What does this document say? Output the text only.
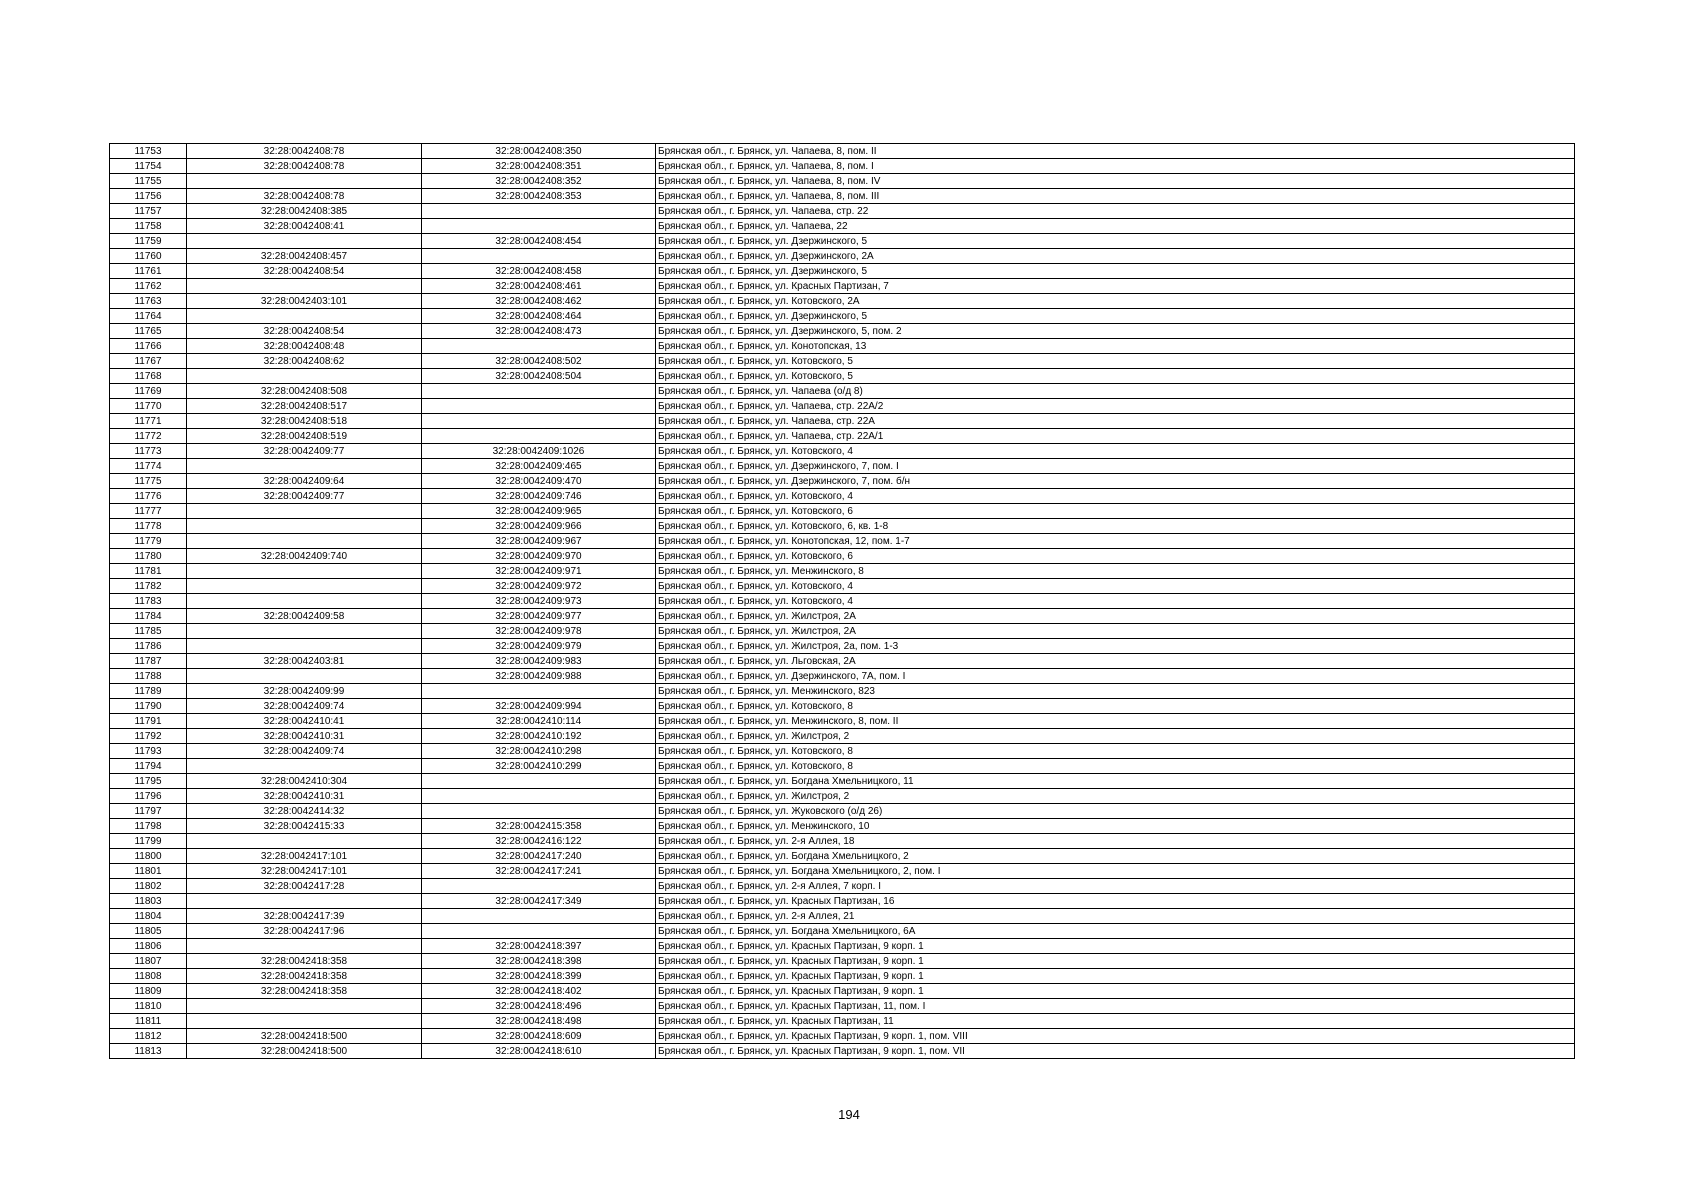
11753	32:28:0042408:78	32:28:0042408:350	Брянская обл., г. Брянск, ул. Чапаева, 8, пом. II
11754	32:28:0042408:78	32:28:0042408:351	Брянская обл., г. Брянск, ул. Чапаева, 8, пом. I
11755		32:28:0042408:352	Брянская обл., г. Брянск, ул. Чапаева, 8, пом. IV
11756	32:28:0042408:78	32:28:0042408:353	Брянская обл., г. Брянск, ул. Чапаева, 8, пом. III
11757	32:28:0042408:385		Брянская обл., г. Брянск, ул. Чапаева, стр. 22
11758	32:28:0042408:41		Брянская обл., г. Брянск, ул. Чапаева, 22
11759		32:28:0042408:454	Брянская обл., г. Брянск, ул. Дзержинского, 5
11760	32:28:0042408:457		Брянская обл., г. Брянск, ул. Дзержинского, 2А
11761	32:28:0042408:54	32:28:0042408:458	Брянская обл., г. Брянск, ул. Дзержинского, 5
11762		32:28:0042408:461	Брянская обл., г. Брянск, ул. Красных Партизан, 7
11763	32:28:0042403:101	32:28:0042408:462	Брянская обл., г. Брянск, ул. Котовского, 2А
11764		32:28:0042408:464	Брянская обл., г. Брянск, ул. Дзержинского, 5
11765	32:28:0042408:54	32:28:0042408:473	Брянская обл., г. Брянск, ул. Дзержинского, 5, пом. 2
11766	32:28:0042408:48		Брянская обл., г. Брянск, ул. Конотопская, 13
11767	32:28:0042408:62	32:28:0042408:502	Брянская обл., г. Брянск, ул. Котовского, 5
11768		32:28:0042408:504	Брянская обл., г. Брянск, ул. Котовского, 5
11769	32:28:0042408:508		Брянская обл., г. Брянск, ул. Чапаева (о/д 8)
11770	32:28:0042408:517		Брянская обл., г. Брянск, ул. Чапаева, стр. 22А/2
11771	32:28:0042408:518		Брянская обл., г. Брянск, ул. Чапаева, стр. 22А
11772	32:28:0042408:519		Брянская обл., г. Брянск, ул. Чапаева, стр. 22А/1
11773	32:28:0042409:77	32:28:0042409:1026	Брянская обл., г. Брянск, ул. Котовского, 4
11774		32:28:0042409:465	Брянская обл., г. Брянск, ул. Дзержинского, 7, пом. I
11775	32:28:0042409:64	32:28:0042409:470	Брянская обл., г. Брянск, ул. Дзержинского, 7, пом. б/н
11776	32:28:0042409:77	32:28:0042409:746	Брянская обл., г. Брянск, ул. Котовского, 4
11777		32:28:0042409:965	Брянская обл., г. Брянск, ул. Котовского, 6
11778		32:28:0042409:966	Брянская обл., г. Брянск, ул. Котовского, 6, кв. 1-8
11779		32:28:0042409:967	Брянская обл., г. Брянск, ул. Конотопская, 12, пом. 1-7
11780	32:28:0042409:740	32:28:0042409:970	Брянская обл., г. Брянск, ул. Котовского, 6
11781		32:28:0042409:971	Брянская обл., г. Брянск, ул. Менжинского, 8
11782		32:28:0042409:972	Брянская обл., г. Брянск, ул. Котовского, 4
11783		32:28:0042409:973	Брянская обл., г. Брянск, ул. Котовского, 4
11784	32:28:0042409:58	32:28:0042409:977	Брянская обл., г. Брянск, ул. Жилстроя, 2А
11785		32:28:0042409:978	Брянская обл., г. Брянск, ул. Жилстроя, 2А
11786		32:28:0042409:979	Брянская обл., г. Брянск, ул. Жилстроя, 2а, пом. 1-3
11787	32:28:0042403:81	32:28:0042409:983	Брянская обл., г. Брянск, ул. Льговская, 2А
11788		32:28:0042409:988	Брянская обл., г. Брянск, ул. Дзержинского, 7А, пом. I
11789	32:28:0042409:99		Брянская обл., г. Брянск, ул. Менжинского, 823
11790	32:28:0042409:74	32:28:0042409:994	Брянская обл., г. Брянск, ул. Котовского, 8
11791	32:28:0042410:41	32:28:0042410:114	Брянская обл., г. Брянск, ул. Менжинского, 8, пом. II
11792	32:28:0042410:31	32:28:0042410:192	Брянская обл., г. Брянск, ул. Жилстроя, 2
11793	32:28:0042409:74	32:28:0042410:298	Брянская обл., г. Брянск, ул. Котовского, 8
11794		32:28:0042410:299	Брянская обл., г. Брянск, ул. Котовского, 8
11795	32:28:0042410:304		Брянская обл., г. Брянск, ул. Богдана Хмельницкого, 11
11796	32:28:0042410:31		Брянская обл., г. Брянск, ул. Жилстроя, 2
11797	32:28:0042414:32		Брянская обл., г. Брянск, ул. Жуковского (о/д 26)
11798	32:28:0042415:33	32:28:0042415:358	Брянская обл., г. Брянск, ул. Менжинского, 10
11799		32:28:0042416:122	Брянская обл., г. Брянск, ул. 2-я Аллея, 18
11800	32:28:0042417:101	32:28:0042417:240	Брянская обл., г. Брянск, ул. Богдана Хмельницкого, 2
11801	32:28:0042417:101	32:28:0042417:241	Брянская обл., г. Брянск, ул. Богдана Хмельницкого, 2, пом. I
11802	32:28:0042417:28		Брянская обл., г. Брянск, ул. 2-я Аллея, 7 корп. I
11803		32:28:0042417:349	Брянская обл., г. Брянск, ул. Красных Партизан, 16
11804	32:28:0042417:39		Брянская обл., г. Брянск, ул. 2-я Аллея, 21
11805	32:28:0042417:96		Брянская обл., г. Брянск, ул. Богдана Хмельницкого, 6А
11806		32:28:0042418:397	Брянская обл., г. Брянск, ул. Красных Партизан, 9 корп. 1
11807	32:28:0042418:358	32:28:0042418:398	Брянская обл., г. Брянск, ул. Красных Партизан, 9 корп. 1
11808	32:28:0042418:358	32:28:0042418:399	Брянская обл., г. Брянск, ул. Красных Партизан, 9 корп. 1
11809	32:28:0042418:358	32:28:0042418:402	Брянская обл., г. Брянск, ул. Красных Партизан, 9 корп. 1
11810		32:28:0042418:496	Брянская обл., г. Брянск, ул. Красных Партизан, 11, пом. I
11811		32:28:0042418:498	Брянская обл., г. Брянск, ул. Красных Партизан, 11
11812	32:28:0042418:500	32:28:0042418:609	Брянская обл., г. Брянск, ул. Красных Партизан, 9 корп. 1, пом. VIII
11813	32:28:0042418:500	32:28:0042418:610	Брянская обл., г. Брянск, ул. Красных Партизан, 9 корп. 1, пом. VII
194
